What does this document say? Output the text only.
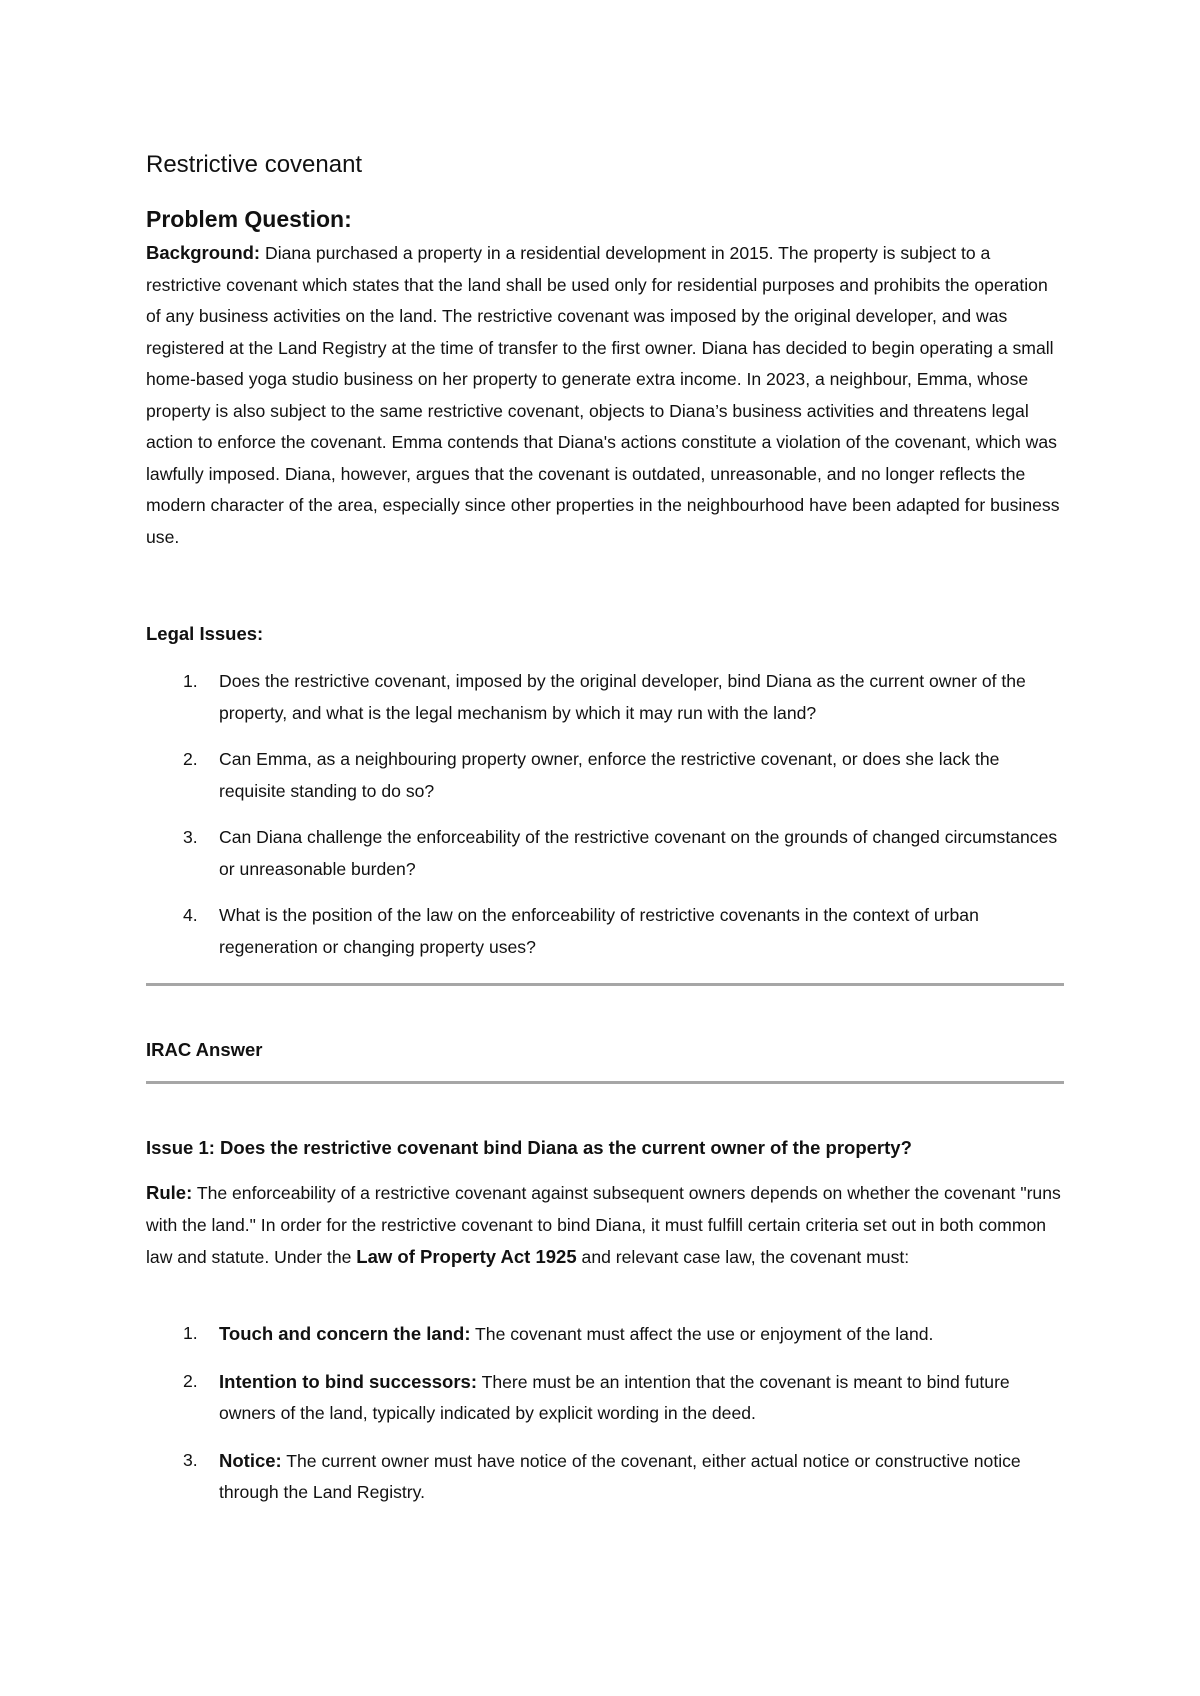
Restrictive covenant
Problem Question:

Background: Diana purchased a property in a residential development in 2015. The property is subject to a restrictive covenant which states that the land shall be used only for residential purposes and prohibits the operation of any business activities on the land. The restrictive covenant was imposed by the original developer, and was registered at the Land Registry at the time of transfer to the first owner. Diana has decided to begin operating a small home-based yoga studio business on her property to generate extra income. In 2023, a neighbour, Emma, whose property is also subject to the same restrictive covenant, objects to Diana’s business activities and threatens legal action to enforce the covenant. Emma contends that Diana's actions constitute a violation of the covenant, which was lawfully imposed. Diana, however, argues that the covenant is outdated, unreasonable, and no longer reflects the modern character of the area, especially since other properties in the neighbourhood have been adapted for business use.

Legal Issues:
1. Does the restrictive covenant, imposed by the original developer, bind Diana as the current owner of the property, and what is the legal mechanism by which it may run with the land?
2. Can Emma, as a neighbouring property owner, enforce the restrictive covenant, or does she lack the requisite standing to do so?
3. Can Diana challenge the enforceability of the restrictive covenant on the grounds of changed circumstances or unreasonable burden?
4. What is the position of the law on the enforceability of restrictive covenants in the context of urban regeneration or changing property uses?
IRAC Answer
Issue 1: Does the restrictive covenant bind Diana as the current owner of the property?

Rule: The enforceability of a restrictive covenant against subsequent owners depends on whether the covenant "runs with the land." In order for the restrictive covenant to bind Diana, it must fulfill certain criteria set out in both common law and statute. Under the Law of Property Act 1925 and relevant case law, the covenant must:

1. Touch and concern the land: The covenant must affect the use or enjoyment of the land.
2. Intention to bind successors: There must be an intention that the covenant is meant to bind future owners of the land, typically indicated by explicit wording in the deed.
3. Notice: The current owner must have notice of the covenant, either actual notice or constructive notice through the Land Registry.
